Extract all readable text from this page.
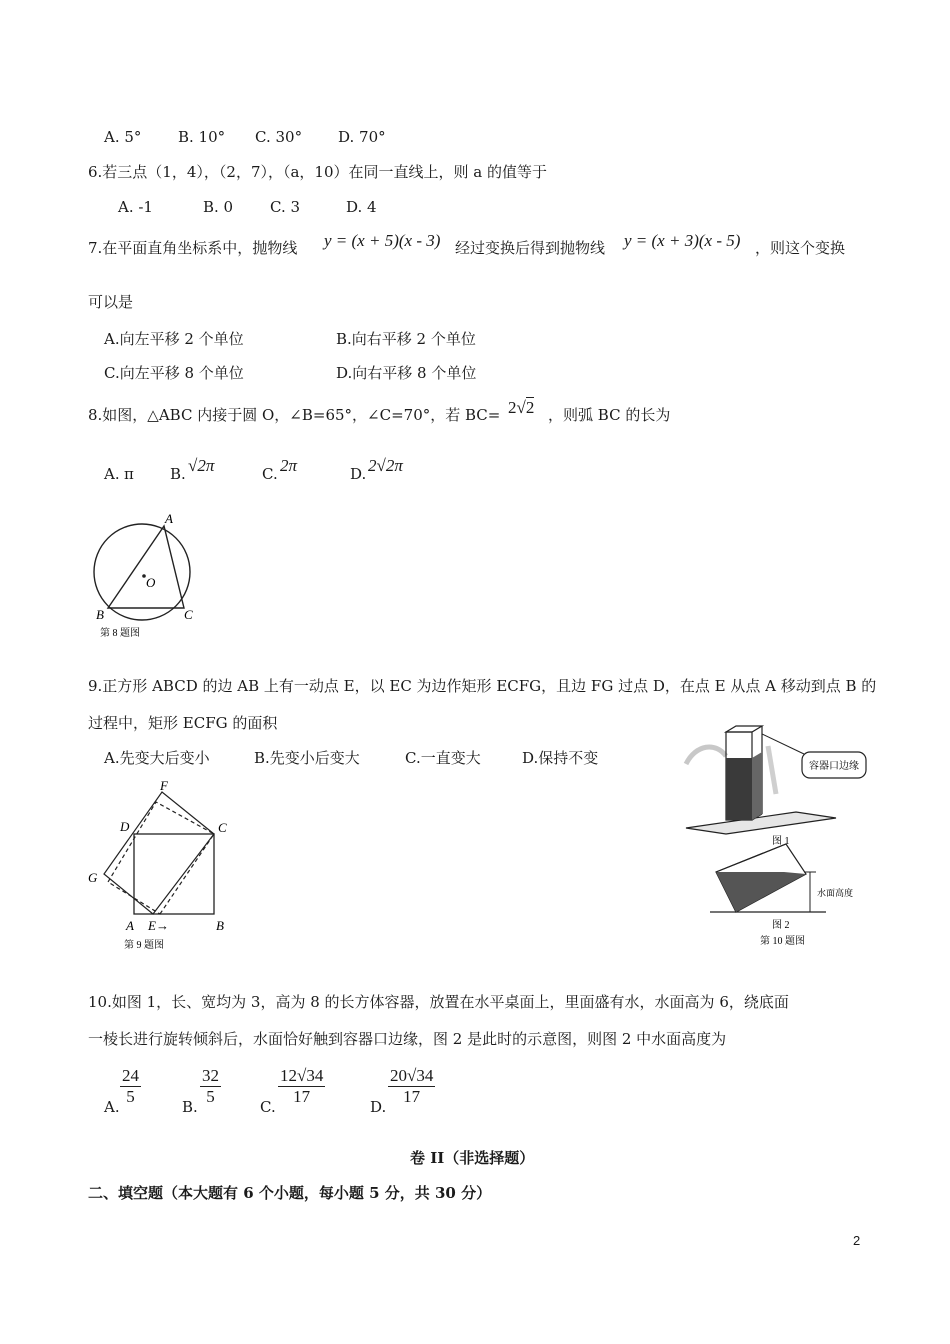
A. 5° B. 10° C. 30° D. 70°
6.若三点（1，4），（2，7），（a，10）在同一直线上，则 a 的值等于
A. -1	B. 0 C. 3	D. 4
7.在平面直角坐标系中，抛物线 y = (x + 5)(x - 3) 经过变换后得到抛物线 y = (x + 3)(x - 5) ，则这个变换
可以是
A.向左平移 2 个单位	B.向右平移 2 个单位
C.向左平移 8 个单位	D.向右平移 8 个单位
8.如图，△ABC 内接于圆 O，∠B=65°，∠C=70°，若 BC= 2√2 ，则弧 BC 的长为
A. π B. √2π	C. 2π	D. 2√2π
A
B	C
O
第 8 题图
9.正方形 ABCD 的边 AB 上有一动点 E，以 EC 为边作矩形 ECFG，且边 FG 过点 D，在点 E 从点 A 移动到点 B 的
过程中，矩形 ECFG 的面积
A.先变大后变小	B.先变小后变大	C.一直变大	D.保持不变
F
D	C
G
A E→	B
第 9 题图
容器口边缘
图 1
水面高度
图 2
第 10 题图
10.如图 1，长、宽均为 3，高为 8 的长方体容器，放置在水平桌面上，里面盛有水，水面高为 6，绕底面
一棱长进行旋转倾斜后，水面恰好触到容器口边缘，图 2 是此时的示意图，则图 2 中水面高度为
A. $\frac{24}{5}$	B. $\frac{32}{5}$	C. $\frac{12√34}{17}$	D. $\frac{20√34}{17}$
卷 II（非选择题）
二、填空题（本大题有 6 个小题，每小题 5 分，共 30 分）
2
